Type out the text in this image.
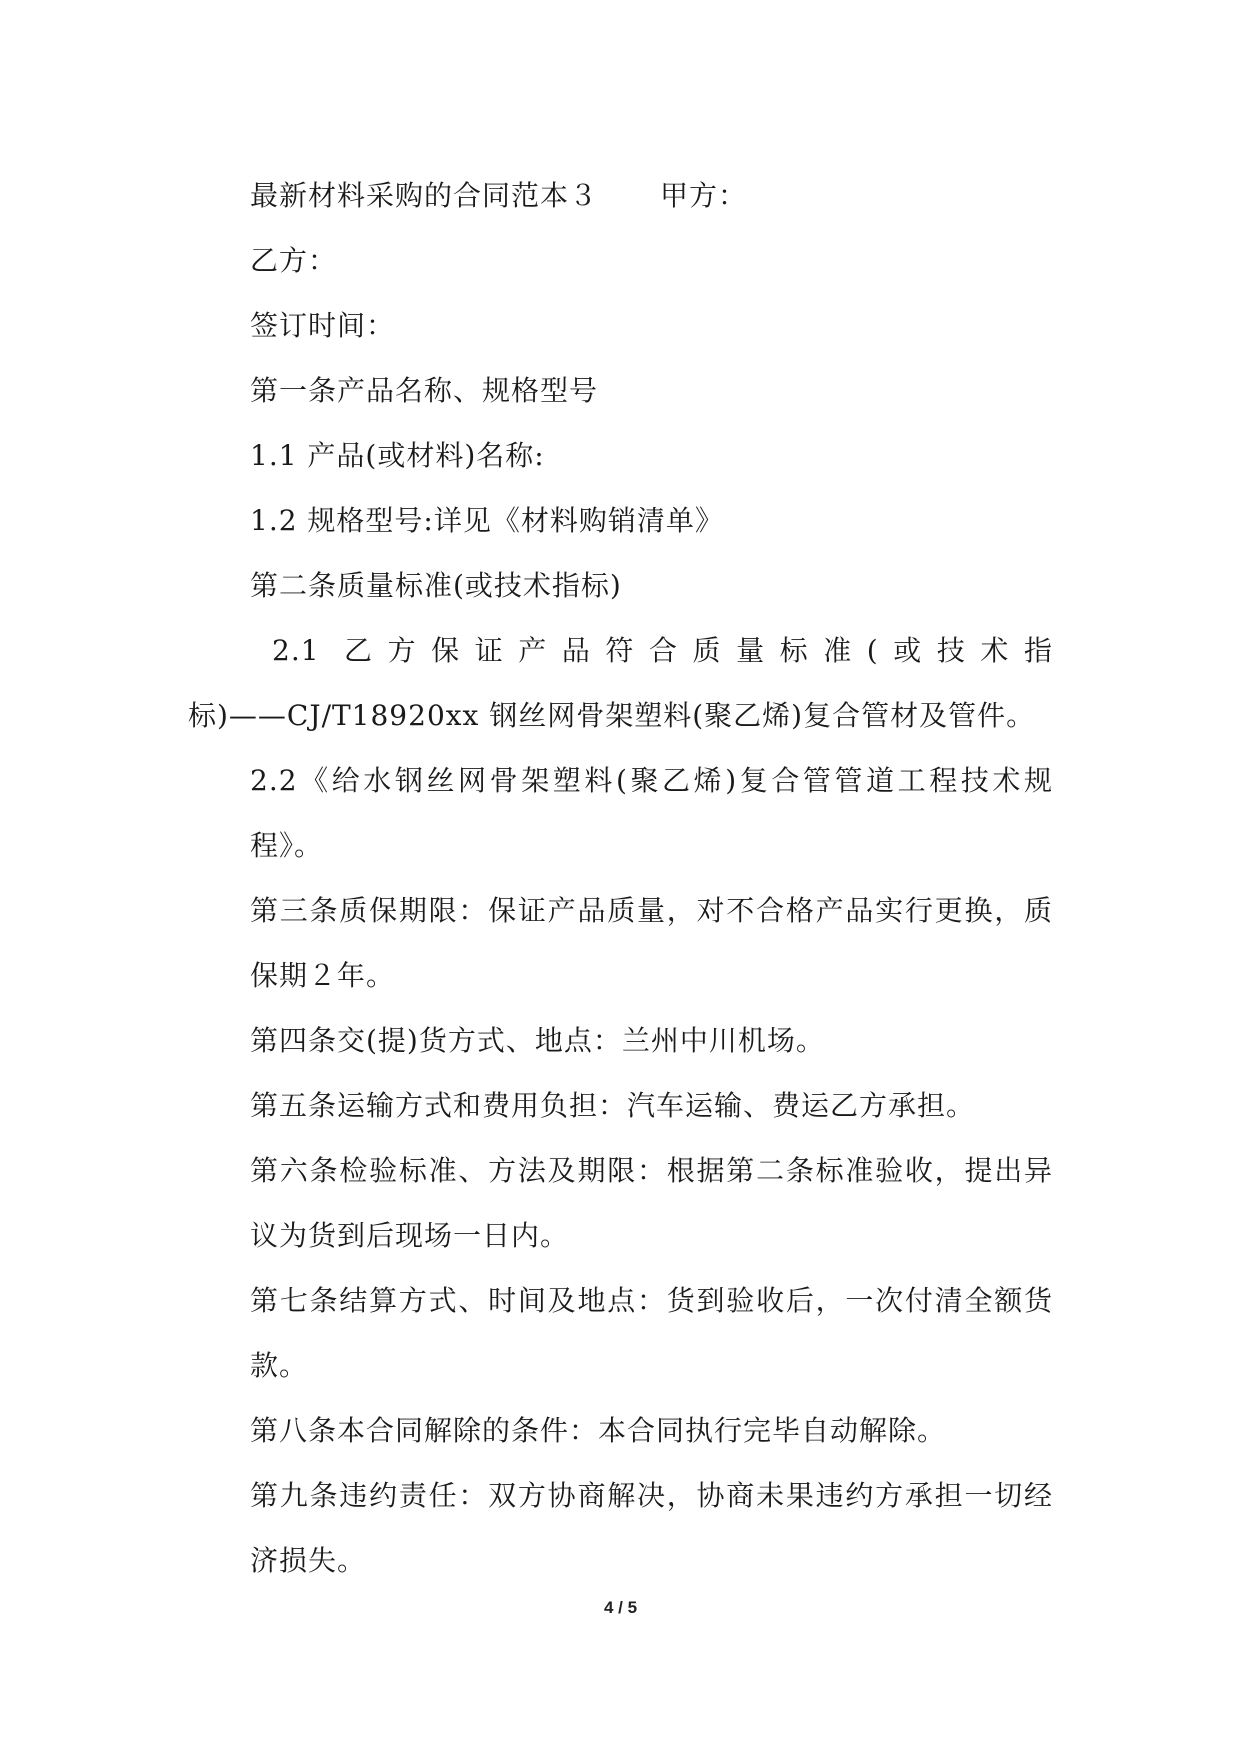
最新材料采购的合同范本３ 甲方：

乙方：

签订时间：

第一条产品名称、规格型号

1.1 产品(或材料)名称:

1.2 规格型号:详见《材料购销清单》

第二条质量标准(或技术指标)

2.1 乙方保证产品符合质量标准(或技术指

标)——CJ/T18920xx 钢丝网骨架塑料(聚乙烯)复合管材及管件。

2.2《给水钢丝网骨架塑料(聚乙烯)复合管管道工程技术规程》。

第三条质保期限：保证产品质量，对不合格产品实行更换，质保期２年。

第四条交(提)货方式、地点：兰州中川机场。

第五条运输方式和费用负担：汽车运输、费运乙方承担。

第六条检验标准、方法及期限：根据第二条标准验收，提出异议为货到后现场一日内。

第七条结算方式、时间及地点：货到验收后，一次付清全额货款。

第八条本合同解除的条件：本合同执行完毕自动解除。

第九条违约责任：双方协商解决，协商未果违约方承担一切经济损失。

4 / 5
